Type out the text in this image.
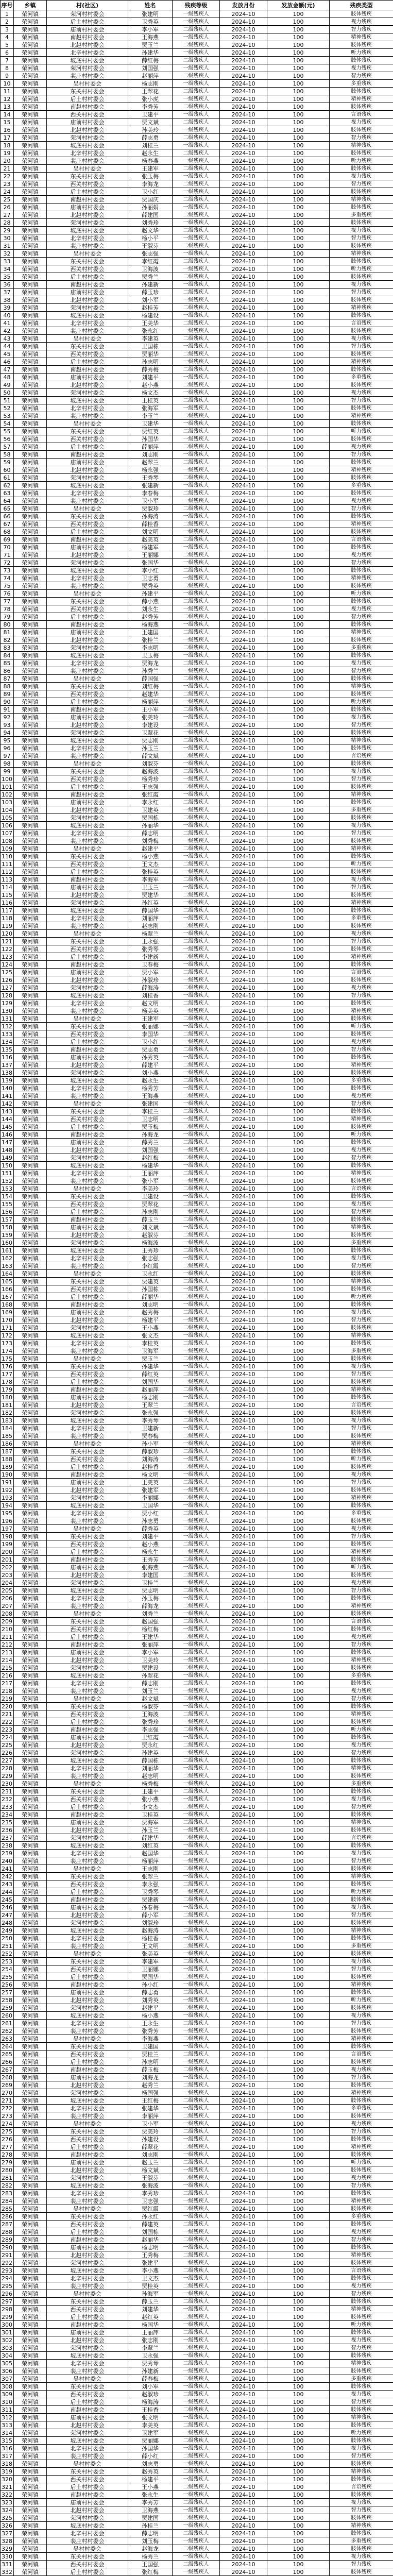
序号	乡镇	村(社区)	姓名	残疾等级	发放月份	发放金额(元)	残疾类型
1	荣河镇	荣河村村委会	张建明	一级残疾人	2024-10	100	肢体残疾
2	荣河镇	后土村村委会	卫秀英	一级残疾人	2024-10	100	视力残疾
3	荣河镇	庙前村村委会	李小军	二级残疾人	2024-10	100	智力残疾
4	荣河镇	南赵村村委会	王海燕	一级残疾人	2024-10	100	精神残疾
5	荣河镇	北赵村村委会	贾玉兰	二级残疾人	2024-10	100	肢体残疾
6	荣河镇	北辛村村委会	孙建华	一级残疾人	2024-10	100	听力残疾
7	荣河镇	坡底村村委会	薛红梅	二级残疾人	2024-10	100	肢体残疾
8	荣河镇	荣河村村委会	刘国强	一级残疾人	2024-10	100	视力残疾
9	荣河镇	裴庄村村委会	赵丽萍	二级残疾人	2024-10	100	智力残疾
10	荣河镇	吴村村委会	杨志刚	一级残疾人	2024-10	100	多重残疾
11	荣河镇	东关村村委会	王翠花	二级残疾人	2024-10	100	肢体残疾
12	荣河镇	后土村村委会	张小虎	一级残疾人	2024-10	100	精神残疾
13	荣河镇	南赵村村委会	李秀芳	二级残疾人	2024-10	100	肢体残疾
14	荣河镇	西关村村委会	卫建平	一级残疾人	2024-10	100	言语残疾
15	荣河镇	庙前村村委会	贾文斌	二级残疾人	2024-10	100	视力残疾
16	荣河镇	北赵村村委会	孙美玲	一级残疾人	2024-10	100	肢体残疾
17	荣河镇	荣河村村委会	薛志勇	二级残疾人	2024-10	100	智力残疾
18	荣河镇	坡底村村委会	刘桂兰	一级残疾人	2024-10	100	精神残疾
19	荣河镇	北辛村村委会	赵永生	二级残疾人	2024-10	100	肢体残疾
20	荣河镇	裴庄村村委会	杨春燕	一级残疾人	2024-10	100	听力残疾
21	荣河镇	吴村村委会	王建军	二级残疾人	2024-10	100	肢体残疾
22	荣河镇	东关村村委会	张玉梅	一级残疾人	2024-10	100	视力残疾
23	荣河镇	西关村村委会	李海龙	二级残疾人	2024-10	100	智力残疾
24	荣河镇	后土村村委会	卫小红	一级残疾人	2024-10	100	肢体残疾
25	荣河镇	南赵村村委会	贾国庆	二级残疾人	2024-10	100	精神残疾
26	荣河镇	庙前村村委会	孙丽娟	一级残疾人	2024-10	100	肢体残疾
27	荣河镇	北赵村村委会	薛建国	二级残疾人	2024-10	100	多重残疾
28	荣河镇	荣河村村委会	刘秀珍	一级残疾人	2024-10	100	肢体残疾
29	荣河镇	坡底村村委会	赵文华	二级残疾人	2024-10	100	视力残疾
30	荣河镇	北辛村村委会	杨小平	一级残疾人	2024-10	100	智力残疾
31	荣河镇	裴庄村村委会	王淑芬	二级残疾人	2024-10	100	肢体残疾
32	荣河镇	吴村村委会	张志强	一级残疾人	2024-10	100	精神残疾
33	荣河镇	东关村村委会	李红霞	二级残疾人	2024-10	100	肢体残疾
34	荣河镇	西关村村委会	卫海波	一级残疾人	2024-10	100	听力残疾
35	荣河镇	后土村村委会	贾秀兰	二级残疾人	2024-10	100	肢体残疾
36	荣河镇	南赵村村委会	孙建新	一级残疾人	2024-10	100	视力残疾
37	荣河镇	庙前村村委会	薛玉珍	二级残疾人	2024-10	100	智力残疾
38	荣河镇	北赵村村委会	刘小军	一级残疾人	2024-10	100	肢体残疾
39	荣河镇	荣河村村委会	赵桂芳	二级残疾人	2024-10	100	精神残疾
40	荣河镇	坡底村村委会	杨建设	一级残疾人	2024-10	100	肢体残疾
41	荣河镇	北辛村村委会	王美华	二级残疾人	2024-10	100	言语残疾
42	荣河镇	裴庄村村委会	张永红	一级残疾人	2024-10	100	肢体残疾
43	荣河镇	吴村村委会	李建英	二级残疾人	2024-10	100	视力残疾
44	荣河镇	东关村村委会	卫国栋	一级残疾人	2024-10	100	智力残疾
45	荣河镇	西关村村委会	贾丽华	二级残疾人	2024-10	100	肢体残疾
46	荣河镇	后土村村委会	孙志明	一级残疾人	2024-10	100	精神残疾
47	荣河镇	南赵村村委会	薛秀梅	二级残疾人	2024-10	100	肢体残疾
48	荣河镇	庙前村村委会	刘建平	一级残疾人	2024-10	100	多重残疾
49	荣河镇	北赵村村委会	赵小燕	二级残疾人	2024-10	100	肢体残疾
50	荣河镇	荣河村村委会	杨文杰	一级残疾人	2024-10	100	视力残疾
51	荣河镇	坡底村村委会	王桂英	二级残疾人	2024-10	100	智力残疾
52	荣河镇	北辛村村委会	张海军	一级残疾人	2024-10	100	肢体残疾
53	荣河镇	裴庄村村委会	李玉兰	二级残疾人	2024-10	100	精神残疾
54	荣河镇	吴村村委会	卫建华	一级残疾人	2024-10	100	肢体残疾
55	荣河镇	东关村村委会	贾红英	二级残疾人	2024-10	100	听力残疾
56	荣河镇	西关村村委会	孙国华	一级残疾人	2024-10	100	肢体残疾
57	荣河镇	后土村村委会	薛丽萍	二级残疾人	2024-10	100	视力残疾
58	荣河镇	南赵村村委会	刘志刚	一级残疾人	2024-10	100	智力残疾
59	荣河镇	庙前村村委会	赵翠兰	二级残疾人	2024-10	100	肢体残疾
60	荣河镇	北赵村村委会	杨永强	一级残疾人	2024-10	100	精神残疾
61	荣河镇	荣河村村委会	王秀琴	二级残疾人	2024-10	100	肢体残疾
62	荣河镇	坡底村村委会	张建新	一级残疾人	2024-10	100	多重残疾
63	荣河镇	北辛村村委会	李春梅	二级残疾人	2024-10	100	肢体残疾
64	荣河镇	裴庄村村委会	卫小军	一级残疾人	2024-10	100	视力残疾
65	荣河镇	吴村村委会	贾淑珍	二级残疾人	2024-10	100	智力残疾
66	荣河镇	东关村村委会	孙海涛	一级残疾人	2024-10	100	肢体残疾
67	荣河镇	西关村村委会	薛桂香	二级残疾人	2024-10	100	精神残疾
68	荣河镇	后土村村委会	刘文明	一级残疾人	2024-10	100	肢体残疾
69	荣河镇	南赵村村委会	赵美英	二级残疾人	2024-10	100	言语残疾
70	荣河镇	庙前村村委会	杨建军	一级残疾人	2024-10	100	肢体残疾
71	荣河镇	北赵村村委会	王丽娜	二级残疾人	2024-10	100	视力残疾
72	荣河镇	荣河村村委会	张国华	一级残疾人	2024-10	100	智力残疾
73	荣河镇	坡底村村委会	李小红	二级残疾人	2024-10	100	肢体残疾
74	荣河镇	北辛村村委会	卫志勇	一级残疾人	2024-10	100	精神残疾
75	荣河镇	裴庄村村委会	贾秀英	二级残疾人	2024-10	100	肢体残疾
76	荣河镇	吴村村委会	孙建平	一级残疾人	2024-10	100	听力残疾
77	荣河镇	东关村村委会	薛小燕	二级残疾人	2024-10	100	肢体残疾
78	荣河镇	西关村村委会	刘永生	一级残疾人	2024-10	100	视力残疾
79	荣河镇	后土村村委会	赵秀芳	二级残疾人	2024-10	100	智力残疾
80	荣河镇	南赵村村委会	杨海燕	一级残疾人	2024-10	100	肢体残疾
81	荣河镇	庙前村村委会	王建国	二级残疾人	2024-10	100	精神残疾
82	荣河镇	北赵村村委会	张桂兰	一级残疾人	2024-10	100	肢体残疾
83	荣河镇	荣河村村委会	李志明	二级残疾人	2024-10	100	多重残疾
84	荣河镇	坡底村村委会	卫玉梅	一级残疾人	2024-10	100	肢体残疾
85	荣河镇	北辛村村委会	贾海龙	二级残疾人	2024-10	100	视力残疾
86	荣河镇	裴庄村村委会	孙秀兰	一级残疾人	2024-10	100	智力残疾
87	荣河镇	吴村村委会	薛国强	二级残疾人	2024-10	100	肢体残疾
88	荣河镇	东关村村委会	刘红梅	一级残疾人	2024-10	100	精神残疾
89	荣河镇	西关村村委会	赵建华	二级残疾人	2024-10	100	肢体残疾
90	荣河镇	后土村村委会	杨丽萍	一级残疾人	2024-10	100	听力残疾
91	荣河镇	南赵村村委会	王小军	二级残疾人	2024-10	100	肢体残疾
92	荣河镇	庙前村村委会	张美玲	一级残疾人	2024-10	100	视力残疾
93	荣河镇	北赵村村委会	李建设	二级残疾人	2024-10	100	智力残疾
94	荣河镇	荣河村村委会	卫翠花	一级残疾人	2024-10	100	肢体残疾
95	荣河镇	坡底村村委会	贾志刚	二级残疾人	2024-10	100	精神残疾
96	荣河镇	北辛村村委会	孙玉兰	一级残疾人	2024-10	100	肢体残疾
97	荣河镇	裴庄村村委会	薛文斌	二级残疾人	2024-10	100	言语残疾
98	荣河镇	吴村村委会	刘淑芬	一级残疾人	2024-10	100	肢体残疾
99	荣河镇	东关村村委会	赵海波	二级残疾人	2024-10	100	视力残疾
100	荣河镇	西关村村委会	杨秀珍	一级残疾人	2024-10	100	智力残疾
101	荣河镇	后土村村委会	王志强	二级残疾人	2024-10	100	肢体残疾
102	荣河镇	南赵村村委会	张红霞	一级残疾人	2024-10	100	精神残疾
103	荣河镇	庙前村村委会	李永红	二级残疾人	2024-10	100	肢体残疾
104	荣河镇	北赵村村委会	卫建英	一级残疾人	2024-10	100	多重残疾
105	荣河镇	荣河村村委会	贾国栋	二级残疾人	2024-10	100	肢体残疾
106	荣河镇	坡底村村委会	孙丽华	一级残疾人	2024-10	100	视力残疾
107	荣河镇	北辛村村委会	薛志明	二级残疾人	2024-10	100	智力残疾
108	荣河镇	裴庄村村委会	刘秀梅	一级残疾人	2024-10	100	肢体残疾
109	荣河镇	吴村村委会	赵建平	二级残疾人	2024-10	100	精神残疾
110	荣河镇	东关村村委会	杨小燕	一级残疾人	2024-10	100	肢体残疾
111	荣河镇	西关村村委会	王文杰	二级残疾人	2024-10	100	听力残疾
112	荣河镇	后土村村委会	张桂英	一级残疾人	2024-10	100	肢体残疾
113	荣河镇	南赵村村委会	李海军	二级残疾人	2024-10	100	视力残疾
114	荣河镇	庙前村村委会	卫玉兰	一级残疾人	2024-10	100	智力残疾
115	荣河镇	北赵村村委会	贾建华	二级残疾人	2024-10	100	肢体残疾
116	荣河镇	荣河村村委会	孙红英	一级残疾人	2024-10	100	精神残疾
117	荣河镇	坡底村村委会	薛国华	二级残疾人	2024-10	100	肢体残疾
118	荣河镇	北辛村村委会	刘丽萍	一级残疾人	2024-10	100	多重残疾
119	荣河镇	裴庄村村委会	赵志刚	二级残疾人	2024-10	100	肢体残疾
120	荣河镇	吴村村委会	杨翠兰	一级残疾人	2024-10	100	视力残疾
121	荣河镇	东关村村委会	王永强	二级残疾人	2024-10	100	智力残疾
122	荣河镇	西关村村委会	张秀琴	一级残疾人	2024-10	100	肢体残疾
123	荣河镇	后土村村委会	李建新	二级残疾人	2024-10	100	精神残疾
124	荣河镇	南赵村村委会	卫春梅	一级残疾人	2024-10	100	肢体残疾
125	荣河镇	庙前村村委会	贾小军	二级残疾人	2024-10	100	言语残疾
126	荣河镇	北赵村村委会	孙淑珍	一级残疾人	2024-10	100	肢体残疾
127	荣河镇	荣河村村委会	薛海涛	二级残疾人	2024-10	100	视力残疾
128	荣河镇	坡底村村委会	刘桂香	一级残疾人	2024-10	100	智力残疾
129	荣河镇	北辛村村委会	赵文明	二级残疾人	2024-10	100	肢体残疾
130	荣河镇	裴庄村村委会	杨美英	一级残疾人	2024-10	100	精神残疾
131	荣河镇	吴村村委会	王建军	二级残疾人	2024-10	100	肢体残疾
132	荣河镇	东关村村委会	张丽娜	一级残疾人	2024-10	100	听力残疾
133	荣河镇	西关村村委会	李国华	二级残疾人	2024-10	100	肢体残疾
134	荣河镇	后土村村委会	卫小红	一级残疾人	2024-10	100	视力残疾
135	荣河镇	南赵村村委会	贾志勇	二级残疾人	2024-10	100	智力残疾
136	荣河镇	庙前村村委会	孙秀英	一级残疾人	2024-10	100	肢体残疾
137	荣河镇	北赵村村委会	薛建平	二级残疾人	2024-10	100	精神残疾
138	荣河镇	荣河村村委会	刘小燕	一级残疾人	2024-10	100	肢体残疾
139	荣河镇	坡底村村委会	赵永生	二级残疾人	2024-10	100	多重残疾
140	荣河镇	北辛村村委会	杨秀芳	一级残疾人	2024-10	100	肢体残疾
141	荣河镇	裴庄村村委会	王海燕	二级残疾人	2024-10	100	视力残疾
142	荣河镇	吴村村委会	张建国	一级残疾人	2024-10	100	智力残疾
143	荣河镇	东关村村委会	李桂兰	二级残疾人	2024-10	100	肢体残疾
144	荣河镇	西关村村委会	卫志明	一级残疾人	2024-10	100	精神残疾
145	荣河镇	后土村村委会	贾玉梅	二级残疾人	2024-10	100	肢体残疾
146	荣河镇	南赵村村委会	孙海龙	一级残疾人	2024-10	100	听力残疾
147	荣河镇	庙前村村委会	薛秀兰	二级残疾人	2024-10	100	肢体残疾
148	荣河镇	北赵村村委会	刘国强	一级残疾人	2024-10	100	视力残疾
149	荣河镇	荣河村村委会	赵红梅	二级残疾人	2024-10	100	智力残疾
150	荣河镇	坡底村村委会	杨建华	一级残疾人	2024-10	100	肢体残疾
151	荣河镇	北辛村村委会	王丽萍	二级残疾人	2024-10	100	精神残疾
152	荣河镇	裴庄村村委会	张小军	一级残疾人	2024-10	100	肢体残疾
153	荣河镇	吴村村委会	李美玲	二级残疾人	2024-10	100	言语残疾
154	荣河镇	东关村村委会	卫建设	一级残疾人	2024-10	100	肢体残疾
155	荣河镇	西关村村委会	贾翠花	二级残疾人	2024-10	100	视力残疾
156	荣河镇	后土村村委会	孙志刚	一级残疾人	2024-10	100	智力残疾
157	荣河镇	南赵村村委会	薛玉兰	二级残疾人	2024-10	100	肢体残疾
158	荣河镇	庙前村村委会	刘文斌	一级残疾人	2024-10	100	精神残疾
159	荣河镇	北赵村村委会	赵淑芬	二级残疾人	2024-10	100	肢体残疾
160	荣河镇	荣河村村委会	杨海波	一级残疾人	2024-10	100	多重残疾
161	荣河镇	坡底村村委会	王秀珍	二级残疾人	2024-10	100	肢体残疾
162	荣河镇	北辛村村委会	张志强	一级残疾人	2024-10	100	视力残疾
163	荣河镇	裴庄村村委会	李红霞	二级残疾人	2024-10	100	智力残疾
164	荣河镇	吴村村委会	卫永红	一级残疾人	2024-10	100	肢体残疾
165	荣河镇	东关村村委会	贾建英	二级残疾人	2024-10	100	精神残疾
166	荣河镇	西关村村委会	孙国栋	一级残疾人	2024-10	100	肢体残疾
167	荣河镇	后土村村委会	薛丽华	二级残疾人	2024-10	100	听力残疾
168	荣河镇	南赵村村委会	刘志明	一级残疾人	2024-10	100	肢体残疾
169	荣河镇	庙前村村委会	赵秀梅	二级残疾人	2024-10	100	视力残疾
170	荣河镇	北赵村村委会	杨建平	一级残疾人	2024-10	100	智力残疾
171	荣河镇	荣河村村委会	王小燕	二级残疾人	2024-10	100	肢体残疾
172	荣河镇	坡底村村委会	张文杰	一级残疾人	2024-10	100	精神残疾
173	荣河镇	北辛村村委会	李桂英	二级残疾人	2024-10	100	肢体残疾
174	荣河镇	裴庄村村委会	卫海军	一级残疾人	2024-10	100	多重残疾
175	荣河镇	吴村村委会	贾玉兰	二级残疾人	2024-10	100	肢体残疾
176	荣河镇	东关村村委会	孙建华	一级残疾人	2024-10	100	视力残疾
177	荣河镇	西关村村委会	薛红英	二级残疾人	2024-10	100	智力残疾
178	荣河镇	后土村村委会	刘国华	一级残疾人	2024-10	100	肢体残疾
179	荣河镇	南赵村村委会	赵丽萍	二级残疾人	2024-10	100	精神残疾
180	荣河镇	庙前村村委会	杨志刚	一级残疾人	2024-10	100	肢体残疾
181	荣河镇	北赵村村委会	王翠兰	二级残疾人	2024-10	100	言语残疾
182	荣河镇	荣河村村委会	张永强	一级残疾人	2024-10	100	肢体残疾
183	荣河镇	坡底村村委会	李秀琴	二级残疾人	2024-10	100	视力残疾
184	荣河镇	北辛村村委会	卫建新	一级残疾人	2024-10	100	智力残疾
185	荣河镇	裴庄村村委会	贾春梅	二级残疾人	2024-10	100	肢体残疾
186	荣河镇	吴村村委会	孙小军	一级残疾人	2024-10	100	精神残疾
187	荣河镇	东关村村委会	薛淑珍	二级残疾人	2024-10	100	肢体残疾
188	荣河镇	西关村村委会	刘海涛	一级残疾人	2024-10	100	听力残疾
189	荣河镇	后土村村委会	赵桂香	二级残疾人	2024-10	100	肢体残疾
190	荣河镇	南赵村村委会	杨文明	一级残疾人	2024-10	100	视力残疾
191	荣河镇	庙前村村委会	王美英	二级残疾人	2024-10	100	智力残疾
192	荣河镇	北赵村村委会	张建军	一级残疾人	2024-10	100	肢体残疾
193	荣河镇	荣河村村委会	李丽娜	二级残疾人	2024-10	100	精神残疾
194	荣河镇	坡底村村委会	卫国华	一级残疾人	2024-10	100	肢体残疾
195	荣河镇	北辛村村委会	贾小红	二级残疾人	2024-10	100	多重残疾
196	荣河镇	裴庄村村委会	孙志勇	一级残疾人	2024-10	100	肢体残疾
197	荣河镇	吴村村委会	薛秀英	二级残疾人	2024-10	100	视力残疾
198	荣河镇	东关村村委会	刘建平	一级残疾人	2024-10	100	智力残疾
199	荣河镇	西关村村委会	赵小燕	二级残疾人	2024-10	100	肢体残疾
200	荣河镇	后土村村委会	杨永生	一级残疾人	2024-10	100	精神残疾
201	荣河镇	南赵村村委会	王秀芳	二级残疾人	2024-10	100	肢体残疾
202	荣河镇	庙前村村委会	张海燕	一级残疾人	2024-10	100	听力残疾
203	荣河镇	北赵村村委会	李建国	二级残疾人	2024-10	100	肢体残疾
204	荣河镇	荣河村村委会	卫桂兰	一级残疾人	2024-10	100	视力残疾
205	荣河镇	坡底村村委会	贾志明	二级残疾人	2024-10	100	智力残疾
206	荣河镇	北辛村村委会	孙玉梅	一级残疾人	2024-10	100	肢体残疾
207	荣河镇	裴庄村村委会	薛海龙	二级残疾人	2024-10	100	精神残疾
208	荣河镇	吴村村委会	刘秀兰	一级残疾人	2024-10	100	肢体残疾
209	荣河镇	东关村村委会	赵国强	二级残疾人	2024-10	100	言语残疾
210	荣河镇	西关村村委会	杨红梅	一级残疾人	2024-10	100	肢体残疾
211	荣河镇	后土村村委会	王建华	二级残疾人	2024-10	100	视力残疾
212	荣河镇	南赵村村委会	张丽萍	一级残疾人	2024-10	100	智力残疾
213	荣河镇	庙前村村委会	李小军	二级残疾人	2024-10	100	肢体残疾
214	荣河镇	北赵村村委会	卫美玲	一级残疾人	2024-10	100	精神残疾
215	荣河镇	荣河村村委会	贾建设	二级残疾人	2024-10	100	肢体残疾
216	荣河镇	坡底村村委会	孙翠花	一级残疾人	2024-10	100	多重残疾
217	荣河镇	北辛村村委会	薛志刚	二级残疾人	2024-10	100	肢体残疾
218	荣河镇	裴庄村村委会	刘玉兰	一级残疾人	2024-10	100	视力残疾
219	荣河镇	吴村村委会	赵文斌	二级残疾人	2024-10	100	智力残疾
220	荣河镇	东关村村委会	杨淑芬	一级残疾人	2024-10	100	肢体残疾
221	荣河镇	西关村村委会	王海波	二级残疾人	2024-10	100	精神残疾
222	荣河镇	后土村村委会	张秀珍	一级残疾人	2024-10	100	肢体残疾
223	荣河镇	南赵村村委会	李志强	二级残疾人	2024-10	100	听力残疾
224	荣河镇	庙前村村委会	卫红霞	一级残疾人	2024-10	100	肢体残疾
225	荣河镇	北赵村村委会	贾永红	二级残疾人	2024-10	100	视力残疾
226	荣河镇	荣河村村委会	孙建英	一级残疾人	2024-10	100	智力残疾
227	荣河镇	坡底村村委会	薛国栋	二级残疾人	2024-10	100	肢体残疾
228	荣河镇	北辛村村委会	刘丽华	一级残疾人	2024-10	100	精神残疾
229	荣河镇	裴庄村村委会	赵志明	二级残疾人	2024-10	100	肢体残疾
230	荣河镇	吴村村委会	杨秀梅	一级残疾人	2024-10	100	多重残疾
231	荣河镇	东关村村委会	王建平	二级残疾人	2024-10	100	肢体残疾
232	荣河镇	西关村村委会	张小燕	一级残疾人	2024-10	100	视力残疾
233	荣河镇	后土村村委会	李文杰	二级残疾人	2024-10	100	智力残疾
234	荣河镇	南赵村村委会	卫桂英	一级残疾人	2024-10	100	肢体残疾
235	荣河镇	庙前村村委会	贾海军	二级残疾人	2024-10	100	精神残疾
236	荣河镇	北赵村村委会	孙玉兰	一级残疾人	2024-10	100	肢体残疾
237	荣河镇	荣河村村委会	薛建华	二级残疾人	2024-10	100	言语残疾
238	荣河镇	坡底村村委会	刘红英	一级残疾人	2024-10	100	肢体残疾
239	荣河镇	北辛村村委会	赵国华	二级残疾人	2024-10	100	视力残疾
240	荣河镇	裴庄村村委会	杨丽萍	一级残疾人	2024-10	100	智力残疾
241	荣河镇	吴村村委会	王志刚	二级残疾人	2024-10	100	肢体残疾
242	荣河镇	东关村村委会	张翠兰	一级残疾人	2024-10	100	精神残疾
243	荣河镇	西关村村委会	李永强	二级残疾人	2024-10	100	肢体残疾
244	荣河镇	后土村村委会	卫秀琴	一级残疾人	2024-10	100	听力残疾
245	荣河镇	南赵村村委会	贾建新	二级残疾人	2024-10	100	肢体残疾
246	荣河镇	庙前村村委会	孙春梅	一级残疾人	2024-10	100	视力残疾
247	荣河镇	北赵村村委会	薛小军	二级残疾人	2024-10	100	智力残疾
248	荣河镇	荣河村村委会	刘淑珍	一级残疾人	2024-10	100	肢体残疾
249	荣河镇	坡底村村委会	赵海涛	二级残疾人	2024-10	100	精神残疾
250	荣河镇	北辛村村委会	杨桂香	一级残疾人	2024-10	100	肢体残疾
251	荣河镇	裴庄村村委会	王文明	二级残疾人	2024-10	100	多重残疾
252	荣河镇	吴村村委会	张美英	一级残疾人	2024-10	100	肢体残疾
253	荣河镇	东关村村委会	李建军	二级残疾人	2024-10	100	视力残疾
254	荣河镇	西关村村委会	卫丽娜	一级残疾人	2024-10	100	智力残疾
255	荣河镇	后土村村委会	贾国华	二级残疾人	2024-10	100	肢体残疾
256	荣河镇	南赵村村委会	孙小红	一级残疾人	2024-10	100	精神残疾
257	荣河镇	庙前村村委会	薛志勇	二级残疾人	2024-10	100	肢体残疾
258	荣河镇	北赵村村委会	刘秀英	一级残疾人	2024-10	100	听力残疾
259	荣河镇	荣河村村委会	赵建平	二级残疾人	2024-10	100	肢体残疾
260	荣河镇	坡底村村委会	杨小燕	一级残疾人	2024-10	100	视力残疾
261	荣河镇	北辛村村委会	王永生	二级残疾人	2024-10	100	智力残疾
262	荣河镇	裴庄村村委会	张秀芳	一级残疾人	2024-10	100	肢体残疾
263	荣河镇	吴村村委会	李海燕	二级残疾人	2024-10	100	精神残疾
264	荣河镇	东关村村委会	卫建国	一级残疾人	2024-10	100	肢体残疾
265	荣河镇	西关村村委会	贾桂兰	二级残疾人	2024-10	100	言语残疾
266	荣河镇	后土村村委会	孙志明	一级残疾人	2024-10	100	肢体残疾
267	荣河镇	南赵村村委会	薛玉梅	二级残疾人	2024-10	100	视力残疾
268	荣河镇	庙前村村委会	刘海龙	一级残疾人	2024-10	100	智力残疾
269	荣河镇	北赵村村委会	赵秀兰	二级残疾人	2024-10	100	肢体残疾
270	荣河镇	荣河村村委会	杨国强	一级残疾人	2024-10	100	精神残疾
271	荣河镇	坡底村村委会	王红梅	二级残疾人	2024-10	100	肢体残疾
272	荣河镇	北辛村村委会	张建华	一级残疾人	2024-10	100	多重残疾
273	荣河镇	裴庄村村委会	李丽萍	二级残疾人	2024-10	100	肢体残疾
274	荣河镇	吴村村委会	卫小军	一级残疾人	2024-10	100	视力残疾
275	荣河镇	东关村村委会	贾美玲	二级残疾人	2024-10	100	智力残疾
276	荣河镇	西关村村委会	孙建设	一级残疾人	2024-10	100	肢体残疾
277	荣河镇	后土村村委会	薛翠花	二级残疾人	2024-10	100	精神残疾
278	荣河镇	南赵村村委会	刘志刚	一级残疾人	2024-10	100	肢体残疾
279	荣河镇	庙前村村委会	赵玉兰	二级残疾人	2024-10	100	听力残疾
280	荣河镇	北赵村村委会	杨文斌	一级残疾人	2024-10	100	肢体残疾
281	荣河镇	荣河村村委会	王淑芬	二级残疾人	2024-10	100	视力残疾
282	荣河镇	坡底村村委会	张海波	一级残疾人	2024-10	100	智力残疾
283	荣河镇	北辛村村委会	李秀珍	二级残疾人	2024-10	100	肢体残疾
284	荣河镇	裴庄村村委会	卫志强	一级残疾人	2024-10	100	精神残疾
285	荣河镇	吴村村委会	贾红霞	二级残疾人	2024-10	100	肢体残疾
286	荣河镇	东关村村委会	孙永红	一级残疾人	2024-10	100	多重残疾
287	荣河镇	西关村村委会	薛建英	二级残疾人	2024-10	100	肢体残疾
288	荣河镇	后土村村委会	刘国栋	一级残疾人	2024-10	100	视力残疾
289	荣河镇	南赵村村委会	赵丽华	二级残疾人	2024-10	100	智力残疾
290	荣河镇	庙前村村委会	杨志明	一级残疾人	2024-10	100	肢体残疾
291	荣河镇	北赵村村委会	王秀梅	二级残疾人	2024-10	100	精神残疾
292	荣河镇	荣河村村委会	张建平	一级残疾人	2024-10	100	肢体残疾
293	荣河镇	坡底村村委会	李小燕	二级残疾人	2024-10	100	言语残疾
294	荣河镇	北辛村村委会	卫文杰	一级残疾人	2024-10	100	肢体残疾
295	荣河镇	裴庄村村委会	贾桂英	二级残疾人	2024-10	100	视力残疾
296	荣河镇	吴村村委会	孙海军	一级残疾人	2024-10	100	智力残疾
297	荣河镇	东关村村委会	薛玉兰	二级残疾人	2024-10	100	肢体残疾
298	荣河镇	西关村村委会	刘建华	一级残疾人	2024-10	100	精神残疾
299	荣河镇	后土村村委会	赵红英	二级残疾人	2024-10	100	肢体残疾
300	荣河镇	南赵村村委会	杨国华	一级残疾人	2024-10	100	听力残疾
301	荣河镇	庙前村村委会	王丽萍	二级残疾人	2024-10	100	肢体残疾
302	荣河镇	北赵村村委会	张志刚	一级残疾人	2024-10	100	视力残疾
303	荣河镇	荣河村村委会	李翠兰	二级残疾人	2024-10	100	智力残疾
304	荣河镇	坡底村村委会	卫永强	一级残疾人	2024-10	100	肢体残疾
305	荣河镇	北辛村村委会	贾秀琴	二级残疾人	2024-10	100	精神残疾
306	荣河镇	裴庄村村委会	孙建新	一级残疾人	2024-10	100	肢体残疾
307	荣河镇	吴村村委会	薛春梅	二级残疾人	2024-10	100	多重残疾
308	荣河镇	东关村村委会	刘小军	一级残疾人	2024-10	100	肢体残疾
309	荣河镇	西关村村委会	赵淑珍	二级残疾人	2024-10	100	视力残疾
310	荣河镇	后土村村委会	杨海涛	一级残疾人	2024-10	100	智力残疾
311	荣河镇	南赵村村委会	王桂香	二级残疾人	2024-10	100	肢体残疾
312	荣河镇	庙前村村委会	张文明	一级残疾人	2024-10	100	精神残疾
313	荣河镇	北赵村村委会	李美英	二级残疾人	2024-10	100	肢体残疾
314	荣河镇	荣河村村委会	卫建军	一级残疾人	2024-10	100	听力残疾
315	荣河镇	坡底村村委会	贾丽娜	二级残疾人	2024-10	100	肢体残疾
316	荣河镇	北辛村村委会	孙国华	一级残疾人	2024-10	100	视力残疾
317	荣河镇	裴庄村村委会	薛小红	二级残疾人	2024-10	100	智力残疾
318	荣河镇	吴村村委会	刘志勇	一级残疾人	2024-10	100	肢体残疾
319	荣河镇	东关村村委会	赵秀英	二级残疾人	2024-10	100	精神残疾
320	荣河镇	西关村村委会	杨建平	一级残疾人	2024-10	100	肢体残疾
321	荣河镇	后土村村委会	王小燕	二级残疾人	2024-10	100	言语残疾
322	荣河镇	南赵村村委会	张永生	一级残疾人	2024-10	100	肢体残疾
323	荣河镇	庙前村村委会	李秀芳	二级残疾人	2024-10	100	视力残疾
324	荣河镇	北赵村村委会	卫海燕	一级残疾人	2024-10	100	智力残疾
325	荣河镇	荣河村村委会	贾建国	二级残疾人	2024-10	100	肢体残疾
326	荣河镇	坡底村村委会	孙桂兰	一级残疾人	2024-10	100	精神残疾
327	荣河镇	北辛村村委会	薛志明	二级残疾人	2024-10	100	肢体残疾
328	荣河镇	裴庄村村委会	刘玉梅	一级残疾人	2024-10	100	多重残疾
329	荣河镇	吴村村委会	赵海龙	二级残疾人	2024-10	100	肢体残疾
330	荣河镇	东关村村委会	杨秀兰	一级残疾人	2024-10	100	视力残疾
331	荣河镇	西关村村委会	王国强	二级残疾人	2024-10	100	智力残疾
332	荣河镇	后土村村委会	张红梅	一级残疾人	2024-10	100	肢体残疾
